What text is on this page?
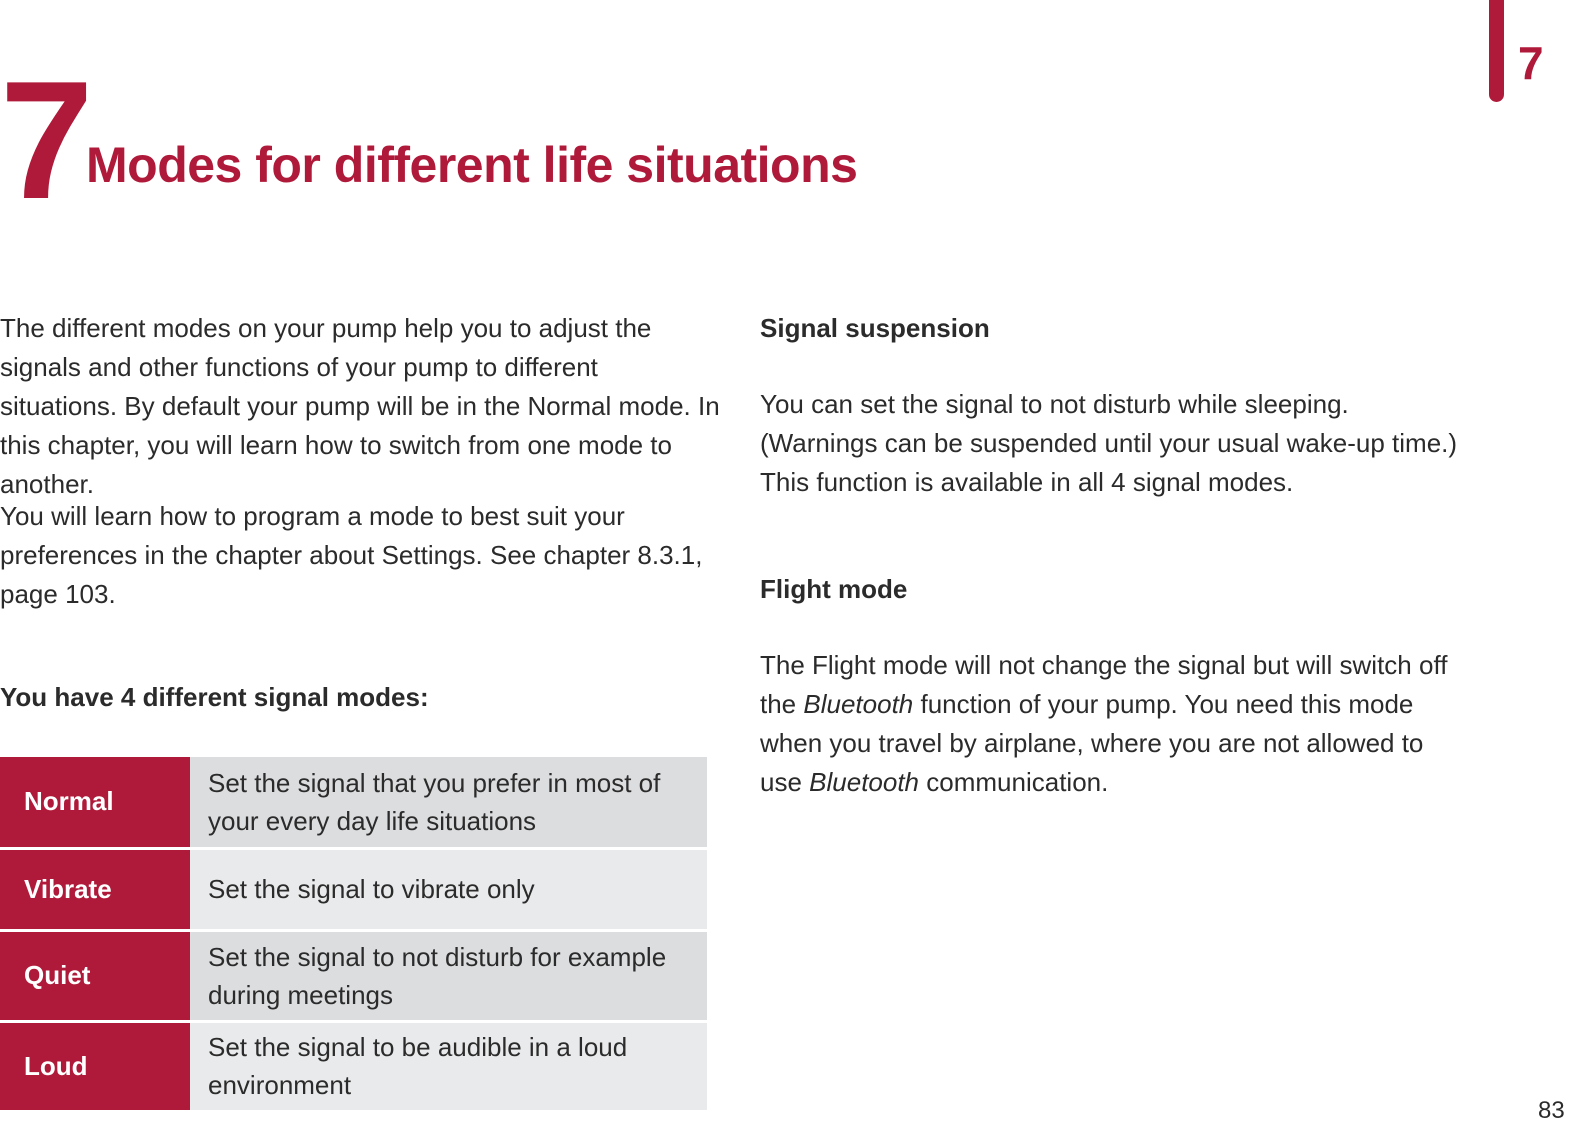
7
7
Modes for different life situations

The different modes on your pump help you to adjust the signals and other functions of your pump to different situations. By default your pump will be in the Normal mode. In this chapter, you will learn how to switch from one mode to another.

You will learn how to program a mode to best suit your preferences in the chapter about Settings. See chapter 8.3.1, page 103.

You have 4 different signal modes:
Normal	Set the signal that you prefer in most of your every day life situations
Vibrate	Set the signal to vibrate only
Quiet	Set the signal to not disturb for example during meetings
Loud	Set the signal to be audible in a loud environment
Signal suspension

You can set the signal to not disturb while sleeping. (Warnings can be suspended until your usual wake-up time.) This function is available in all 4 signal modes.

Flight mode

The Flight mode will not change the signal but will switch off the Bluetooth function of your pump. You need this mode when you travel by airplane, where you are not allowed to use Bluetooth communication.

83
